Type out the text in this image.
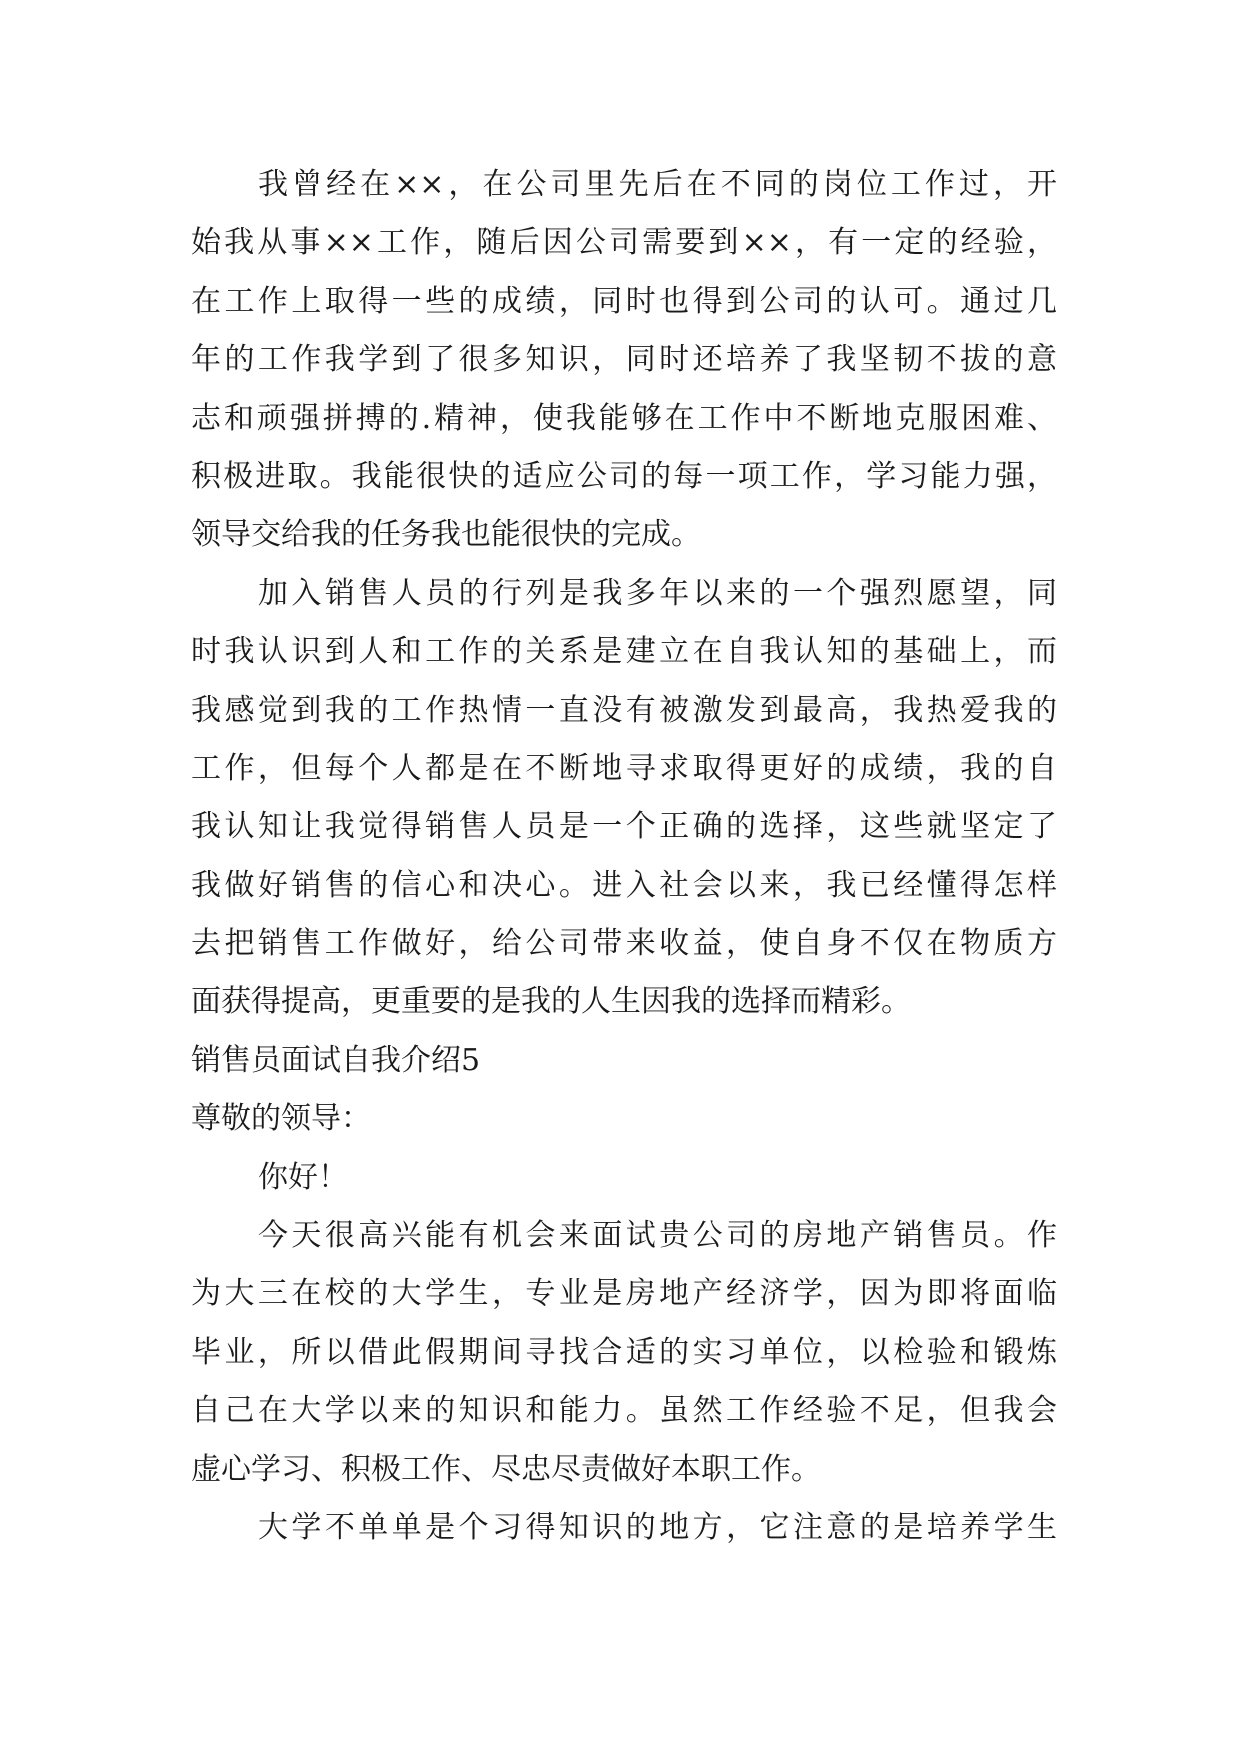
我曾经在××，在公司里先后在不同的岗位工作过，开
始我从事××工作，随后因公司需要到××，有一定的经验，
在工作上取得一些的成绩，同时也得到公司的认可。通过几
年的工作我学到了很多知识，同时还培养了我坚韧不拔的意
志和顽强拼搏的.精神，使我能够在工作中不断地克服困难、
积极进取。我能很快的适应公司的每一项工作，学习能力强，
领导交给我的任务我也能很快的完成。
加入销售人员的行列是我多年以来的一个强烈愿望，同
时我认识到人和工作的关系是建立在自我认知的基础上，而
我感觉到我的工作热情一直没有被激发到最高，我热爱我的
工作，但每个人都是在不断地寻求取得更好的成绩，我的自
我认知让我觉得销售人员是一个正确的选择，这些就坚定了
我做好销售的信心和决心。进入社会以来，我已经懂得怎样
去把销售工作做好，给公司带来收益，使自身不仅在物质方
面获得提高，更重要的是我的人生因我的选择而精彩。
销售员面试自我介绍5
尊敬的领导：
你好！
今天很高兴能有机会来面试贵公司的房地产销售员。作
为大三在校的大学生，专业是房地产经济学，因为即将面临
毕业，所以借此假期间寻找合适的实习单位，以检验和锻炼
自己在大学以来的知识和能力。虽然工作经验不足，但我会
虚心学习、积极工作、尽忠尽责做好本职工作。
大学不单单是个习得知识的地方，它注意的是培养学生
